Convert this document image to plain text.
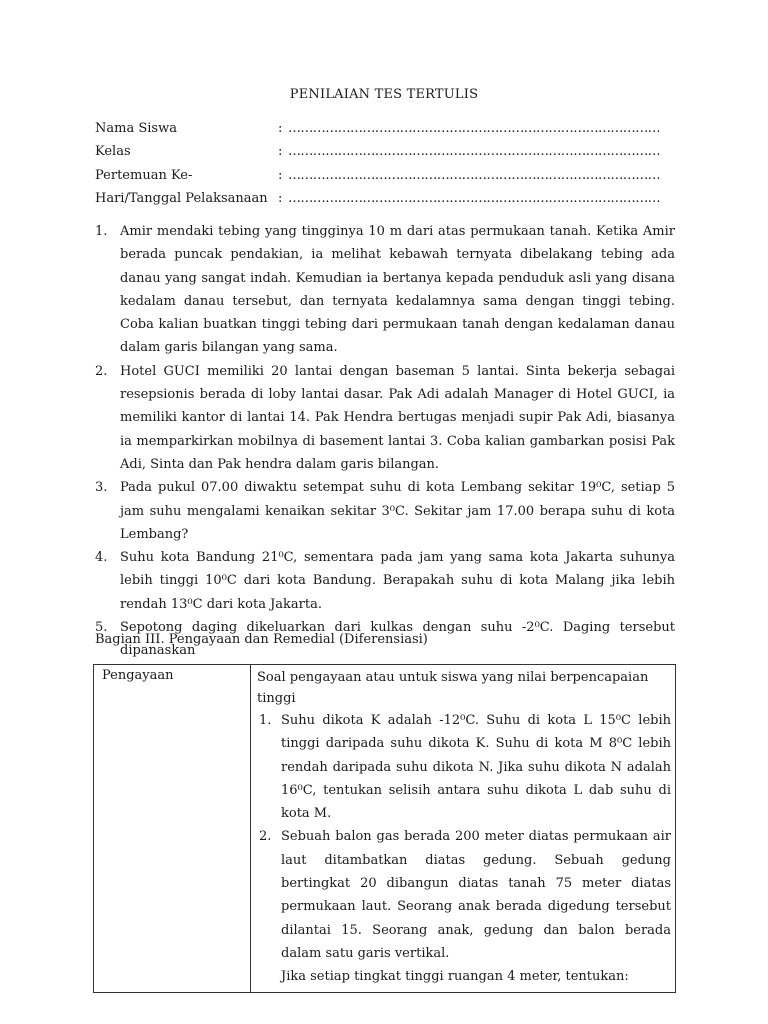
PENILAIAN TES TERTULIS
Nama Siswa	: ………………………………………………………………………………
Kelas	: ………………………………………………………………………………
Pertemuan Ke-	: ………………………………………………………………………………
Hari/Tanggal Pelaksanaan : ………………………………………………………………………………
1. Amir mendaki tebing yang tingginya 10 m dari atas permukaan tanah. Ketika Amir berada puncak pendakian, ia melihat kebawah ternyata dibelakang tebing ada danau yang sangat indah. Kemudian ia bertanya kepada penduduk asli yang disana kedalam danau tersebut, dan ternyata kedalamnya sama dengan tinggi tebing. Coba kalian buatkan tinggi tebing dari permukaan tanah dengan kedalaman danau dalam garis bilangan yang sama.
2. Hotel GUCI memiliki 20 lantai dengan baseman 5 lantai. Sinta bekerja sebagai resepsionis berada di loby lantai dasar. Pak Adi adalah Manager di Hotel GUCI, ia memiliki kantor di lantai 14. Pak Hendra bertugas menjadi supir Pak Adi, biasanya ia memparkirkan mobilnya di basement lantai 3. Coba kalian gambarkan posisi Pak Adi, Sinta dan Pak hendra dalam garis bilangan.
3. Pada pukul 07.00 diwaktu setempat suhu di kota Lembang sekitar 19⁰C, setiap 5 jam suhu mengalami kenaikan sekitar 3⁰C. Sekitar jam 17.00 berapa suhu di kota Lembang?
4. Suhu kota Bandung 21⁰C, sementara pada jam yang sama kota Jakarta suhunya lebih tinggi 10⁰C dari kota Bandung. Berapakah suhu di kota Malang jika lebih rendah 13⁰C dari kota Jakarta.
5. Sepotong daging dikeluarkan dari kulkas dengan suhu -2⁰C. Daging tersebut dipanaskan
Bagian III. Pengayaan dan Remedial (Diferensiasi)
Pengayaan	Soal pengayaan atau untuk siswa yang nilai berpencapaian tinggi
1. Suhu dikota K adalah -12⁰C. Suhu di kota L 15⁰C lebih tinggi daripada suhu dikota K. Suhu di kota M 8⁰C lebih rendah daripada suhu dikota N. Jika suhu dikota N adalah 16⁰C, tentukan selisih antara suhu dikota L dab suhu di kota M.
2. Sebuah balon gas berada 200 meter diatas permukaan air laut ditambatkan diatas gedung. Sebuah gedung bertingkat 20 dibangun diatas tanah 75 meter diatas permukaan laut. Seorang anak berada digedung tersebut dilantai 15. Seorang anak, gedung dan balon berada dalam satu garis vertikal.
Jika setiap tingkat tinggi ruangan 4 meter, tentukan:
